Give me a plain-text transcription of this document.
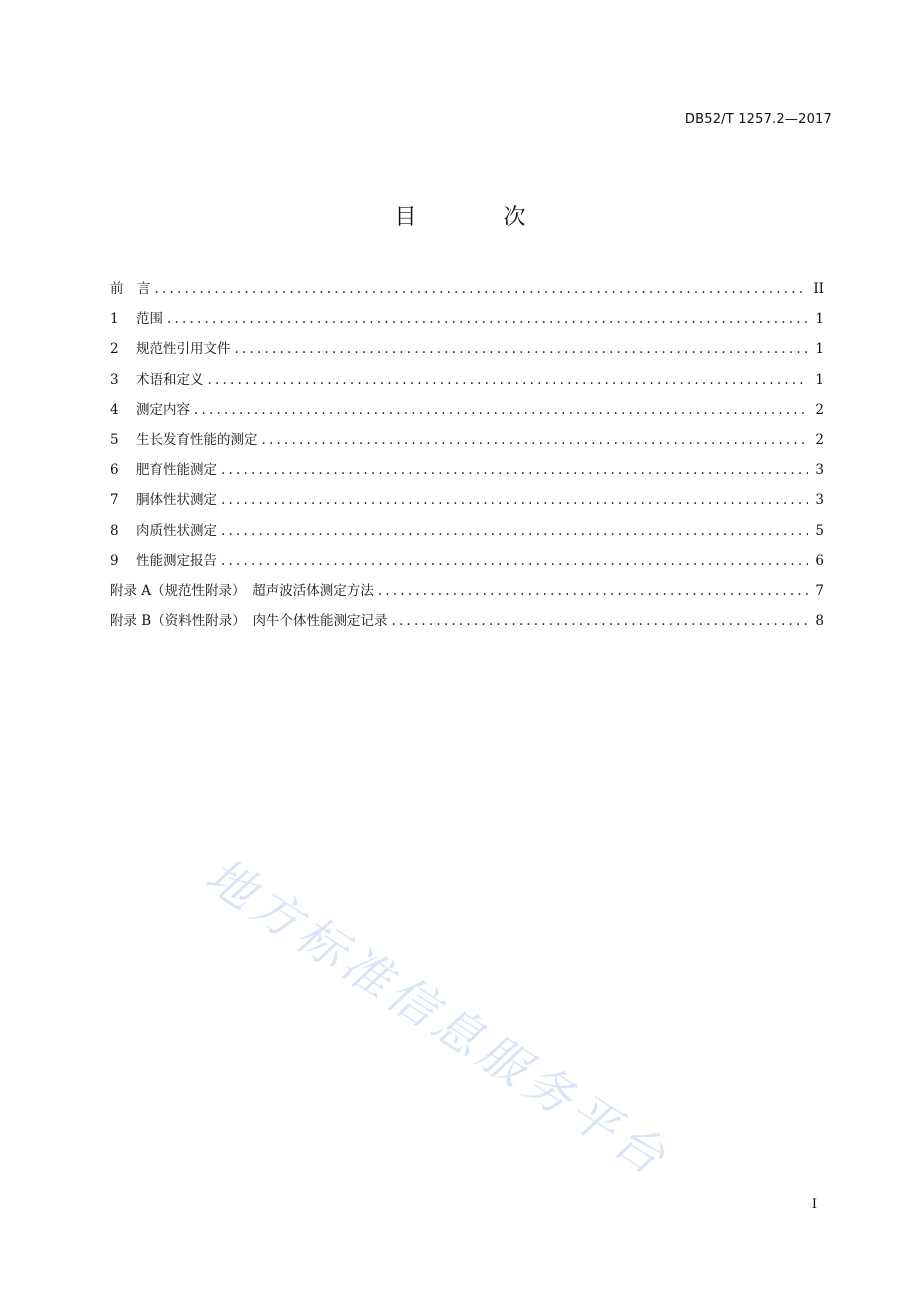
DB52/T 1257.2—2017
目 次
前　言 .....	II
1	范围 .....	1
2	规范性引用文件 .....	1
3	术语和定义 .....	1
4	测定内容 .....	2
5	生长发育性能的测定 .....	2
6	肥育性能测定 .....	3
7	胴体性状测定 .....	3
8	肉质性状测定 .....	5
9	性能测定报告 .....	6
附录 A（规范性附录）　超声波活体测定方法 .....	7
附录 B（资料性附录）　肉牛个体性能测定记录 .....	8
地方标准信息服务平台
I
